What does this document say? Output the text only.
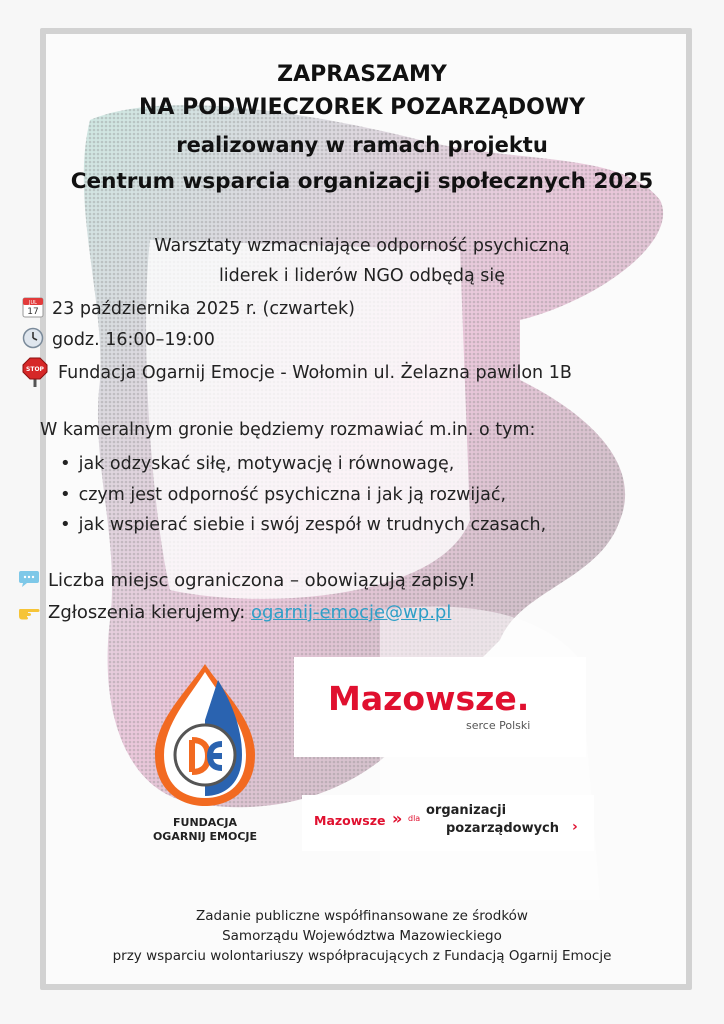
ZAPRASZAMY
NA PODWIECZOREK POZARZĄDOWY
realizowany w ramach projektu
Centrum wsparcia organizacji społecznych 2025
Warsztaty wzmacniające odporność psychiczną
liderek i liderów NGO odbędą się
JUL
17 23 października 2025 r. (czwartek)
godz. 16:00–19:00
STOP Fundacja Ogarnij Emocje - Wołomin ul. Żelazna pawilon 1B
W kameralnym gronie będziemy rozmawiać m.in. o tym:
• jak odzyskać siłę, motywację i równowagę,
• czym jest odporność psychiczna i jak ją rozwijać,
• jak wspierać siebie i swój zespół w trudnych czasach,
Liczba miejsc ograniczona – obowiązują zapisy!
Zgłoszenia kierujemy: ogarnij-emocje@wp.pl
FUNDACJA
OGARNIJ EMOCJE
Mazowsze.
serce Polski
Mazowsze » dla
organizacji
pozarządowych ›
Zadanie publiczne współfinansowane ze środków
Samorządu Województwa Mazowieckiego
przy wsparciu wolontariuszy współpracujących z Fundacją Ogarnij Emocje
